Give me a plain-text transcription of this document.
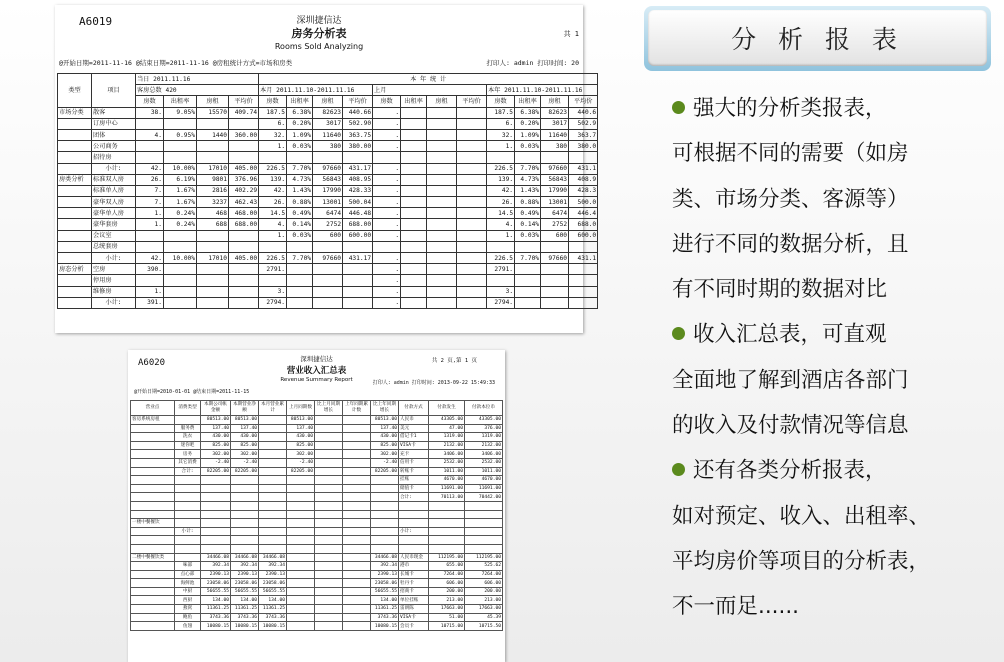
A6019	深圳捷信达
房务分析表
Rooms Sold Analyzing
共 1
@开始日期=2011-11-16 @结束日期=2011-11-16 @房租统计方式=市场和房类	打印人: admin 打印时间: 20
类型	项目	当日 2011.11.16				本 年 统 计											
		客房总数 420				本月 2011.11.10-2011.11.16				上月				本年 2011.11.10-2011.11.16			
		房数	出租率	房租	平均价	房数	出租率	房租	平均价	房数	出租率	房租	平均价	房数	出租率	房租	平均价
市场分类	散客	38.	9.05%	15570	409.74	187.5	6.38%	82623	440.66	.				187.5	6.38%	82623	440.6
	订房中心					6.	0.20%	3017	502.90	.				6.	0.20%	3017	502.9
	团体	4.	0.95%	1440	360.00	32.	1.09%	11640	363.75	.				32.	1.09%	11640	363.7
	公司商务					1.	0.03%	380	380.00	.				1.	0.03%	380	380.0
	招待房																
	小计:	42.	10.00%	17010	405.00	226.5	7.70%	97660	431.17	.				226.5	7.70%	97660	431.1
房类分析	标准双人房	26.	6.19%	9801	376.96	139.	4.73%	56843	408.95	.				139.	4.73%	56843	408.9
	标准单人房	7.	1.67%	2816	402.29	42.	1.43%	17990	428.33	.				42.	1.43%	17990	428.3
	豪华双人房	7.	1.67%	3237	462.43	26.	0.88%	13001	500.04	.				26.	0.88%	13001	500.0
	豪华单人房	1.	0.24%	468	468.00	14.5	0.49%	6474	446.48	.				14.5	0.49%	6474	446.4
	豪华套房	1.	0.24%	688	688.00	4.	0.14%	2752	688.00	.				4.	0.14%	2752	688.0
	会议室					1.	0.03%	600	600.00	.				1.	0.03%	600	600.0
	总统套房																
	小计:	42.	10.00%	17010	405.00	226.5	7.70%	97660	431.17	.				226.5	7.70%	97660	431.1
房态分析	空房	390.				2791.				.				2791.			
	停用房									.							
	维修房	1.				3.				.				3.			
	小计:	391.				2794.				.				2794.			
A6020	深圳捷信达
营业收入汇总表
Revenue Summary Report
共 2 页,第 1 页
@开始日期=2010-01-01 @结束日期=2011-11-15
打印人: admin 打印时间: 2013-09-22 15:49:33
营业点	消费类型	本期公司帐金额	本期营业净额	本月营业累计	上月同期数	比上月同期增长	上年同期累计数	比上年同期增长	付款方式	付款发生	付款本位币
客房系统房租		80513.00	80513.00		80513.00			80513.00	人民币	43305.00	43305.00
	服务费	137.40	137.40		137.40			137.40	美元	47.00	376.00
	洗衣	430.00	430.00		430.00			430.00	借记卡1	1319.00	1319.00
	迷你吧	825.00	825.00		825.00			825.00	VISA卡	2132.00	2132.00
	房务	302.00	302.00		302.00			302.00	充卡	3406.00	3406.00
	其它消费	-2.40	-2.40		-2.40			-2.40	信用卡	2532.00	2532.00
	合计:	82205.00	82205.00		82205.00			82205.00	转账卡	1011.00	1011.00
									挂账	4670.00	4670.00
									储值卡	11691.00	11691.00
									合计:	70113.00	70442.00

一楼中餐餐饮											
	小计:								小计:		

二楼中餐餐饮类		34466.08	34466.08	34466.08				34466.08	人民币现金	112195.00	112195.00
	味部	392.34	392.34	392.34				392.34	港币	655.00	525.62
	点心部	2390.13	2390.13	2390.13				2390.13	长城卡	7264.00	7264.00
	海鲜池	23058.06	23058.06	23058.06				23058.06	牡丹卡	606.00	606.00
	中厨	56655.55	56655.55	56655.55				56655.55	招商卡	200.00	200.00
	西厨	134.00	134.00	134.00				134.00	单位挂账	213.00	213.00
	燕窝	11361.25	11361.25	11361.25				11361.25	雷朗陈	17663.00	17663.00
	鲍鱼	3743.36	3743.36	3743.36				3743.36	VISA卡	51.00	45.39
	鱼翅	10080.15	10080.15	10080.15				10080.15	会员卡	10715.00	10715.50
分 析 报 表
强大的分析类报表，
可根据不同的需要（如房
类、市场分类、客源等）
进行不同的数据分析，且
有不同时期的数据对比
收入汇总表，可直观
全面地了解到酒店各部门
的收入及付款情况等信息
还有各类分析报表，
如对预定、收入、出租率、
平均房价等项目的分析表，
不一而足......
